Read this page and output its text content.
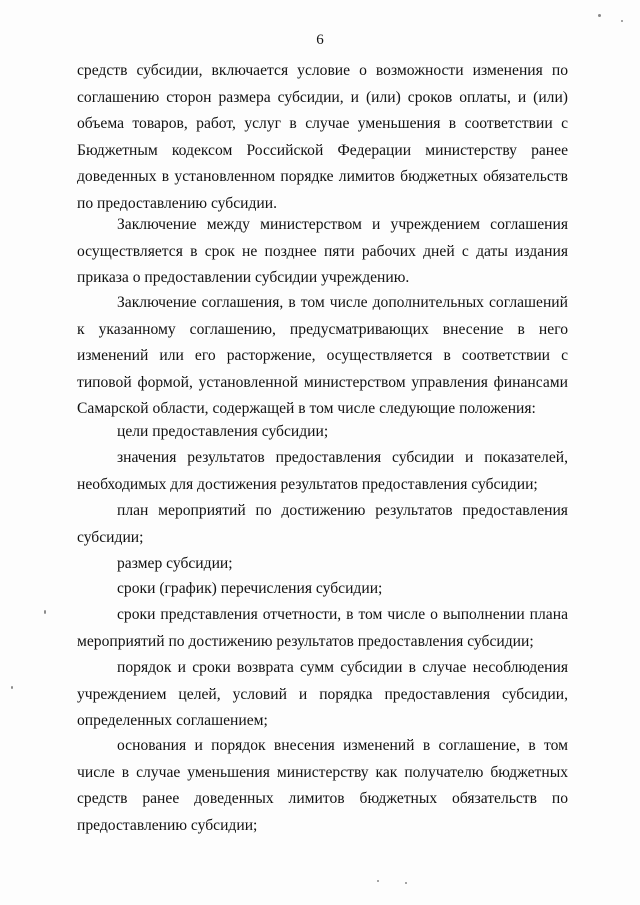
6
средств субсидии, включается условие о возможности изменения по соглашению сторон размера субсидии, и (или) сроков оплаты, и (или) объема товаров, работ, услуг в случае уменьшения в соответствии с Бюджетным кодексом Российской Федерации министерству ранее доведенных в установленном порядке лимитов бюджетных обязательств по предоставлению субсидии.
Заключение между министерством и учреждением соглашения осуществляется в срок не позднее пяти рабочих дней с даты издания приказа о предоставлении субсидии учреждению.
Заключение соглашения, в том числе дополнительных соглашений к указанному соглашению, предусматривающих внесение в него изменений или его расторжение, осуществляется в соответствии с типовой формой, установленной министерством управления финансами Самарской области, содержащей в том числе следующие положения:
цели предоставления субсидии;
значения результатов предоставления субсидии и показателей, необходимых для достижения результатов предоставления субсидии;
план мероприятий по достижению результатов предоставления субсидии;
размер субсидии;
сроки (график) перечисления субсидии;
сроки представления отчетности, в том числе о выполнении плана мероприятий по достижению результатов предоставления субсидии;
порядок и сроки возврата сумм субсидии в случае несоблюдения учреждением целей, условий и порядка предоставления субсидии, определенных соглашением;
основания и порядок внесения изменений в соглашение, в том числе в случае уменьшения министерству как получателю бюджетных средств ранее доведенных лимитов бюджетных обязательств по предоставлению субсидии;
